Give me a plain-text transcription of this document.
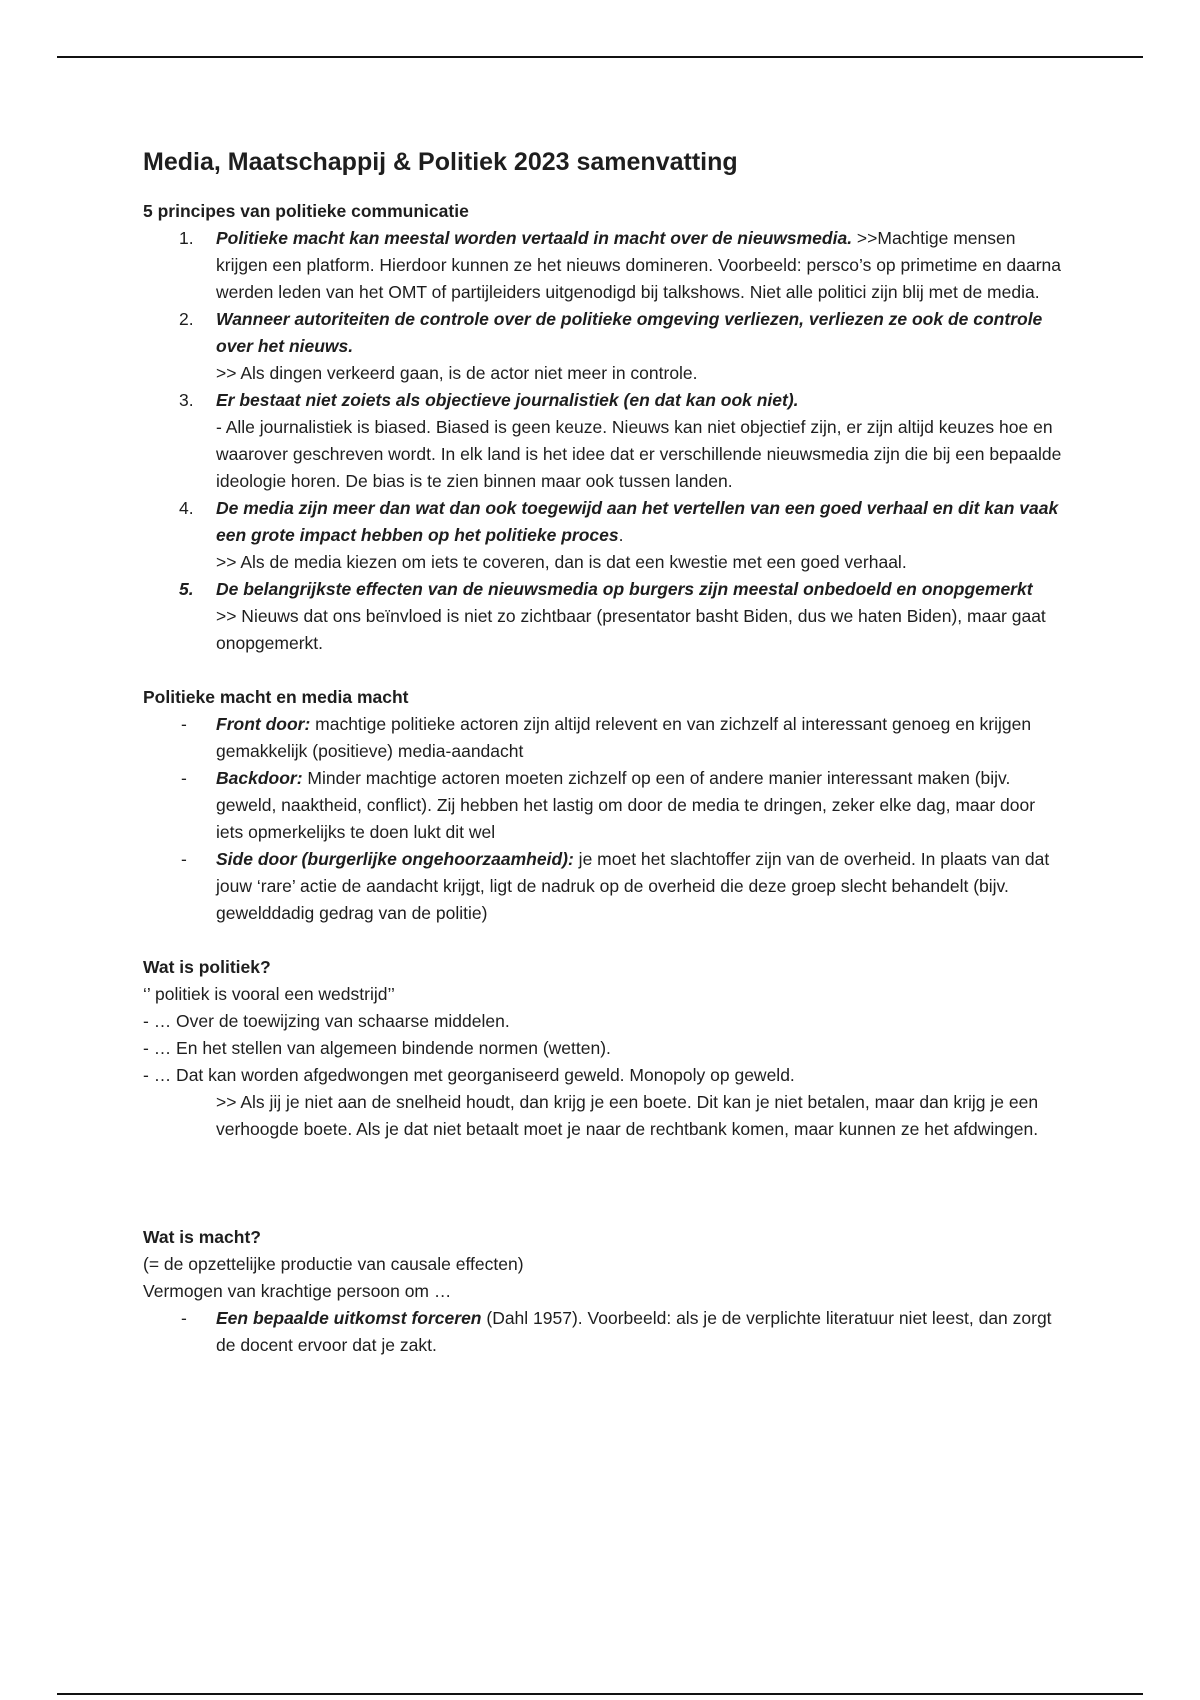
Media, Maatschappij & Politiek 2023 samenvatting
5 principes van politieke communicatie
1. Politieke macht kan meestal worden vertaald in macht over de nieuwsmedia. >>Machtige mensen krijgen een platform. Hierdoor kunnen ze het nieuws domineren. Voorbeeld: persco’s op primetime en daarna werden leden van het OMT of partijleiders uitgenodigd bij talkshows. Niet alle politici zijn blij met de media.
2. Wanneer autoriteiten de controle over de politieke omgeving verliezen, verliezen ze ook de controle over het nieuws.
>> Als dingen verkeerd gaan, is de actor niet meer in controle.
3. Er bestaat niet zoiets als objectieve journalistiek (en dat kan ook niet).
- Alle journalistiek is biased. Biased is geen keuze. Nieuws kan niet objectief zijn, er zijn altijd keuzes hoe en waarover geschreven wordt. In elk land is het idee dat er verschillende nieuwsmedia zijn die bij een bepaalde ideologie horen. De bias is te zien binnen maar ook tussen landen.
4. De media zijn meer dan wat dan ook toegewijd aan het vertellen van een goed verhaal en dit kan vaak een grote impact hebben op het politieke proces.
>> Als de media kiezen om iets te coveren, dan is dat een kwestie met een goed verhaal.
5. De belangrijkste effecten van de nieuwsmedia op burgers zijn meestal onbedoeld en onopgemerkt
>> Nieuws dat ons beïnvloed is niet zo zichtbaar (presentator basht Biden, dus we haten Biden), maar gaat onopgemerkt.
Politieke macht en media macht
- Front door: machtige politieke actoren zijn altijd relevent en van zichzelf al interessant genoeg en krijgen gemakkelijk (positieve) media-aandacht
- Backdoor: Minder machtige actoren moeten zichzelf op een of andere manier interessant maken (bijv. geweld, naaktheid, conflict). Zij hebben het lastig om door de media te dringen, zeker elke dag, maar door iets opmerkelijks te doen lukt dit wel
- Side door (burgerlijke ongehoorzaamheid): je moet het slachtoffer zijn van de overheid. In plaats van dat jouw ‘rare’ actie de aandacht krijgt, ligt de nadruk op de overheid die deze groep slecht behandelt (bijv. gewelddadig gedrag van de politie)
Wat is politiek?
‘’ politiek is vooral een wedstrijd’’
- … Over de toewijzing van schaarse middelen.
- … En het stellen van algemeen bindende normen (wetten).
- … Dat kan worden afgedwongen met georganiseerd geweld. Monopoly op geweld.
>> Als jij je niet aan de snelheid houdt, dan krijg je een boete. Dit kan je niet betalen, maar dan krijg je een verhoogde boete. Als je dat niet betaalt moet je naar de rechtbank komen, maar kunnen ze het afdwingen.
Wat is macht?
(= de opzettelijke productie van causale effecten)
Vermogen van krachtige persoon om …
- Een bepaalde uitkomst forceren (Dahl 1957). Voorbeeld: als je de verplichte literatuur niet leest, dan zorgt de docent ervoor dat je zakt.
